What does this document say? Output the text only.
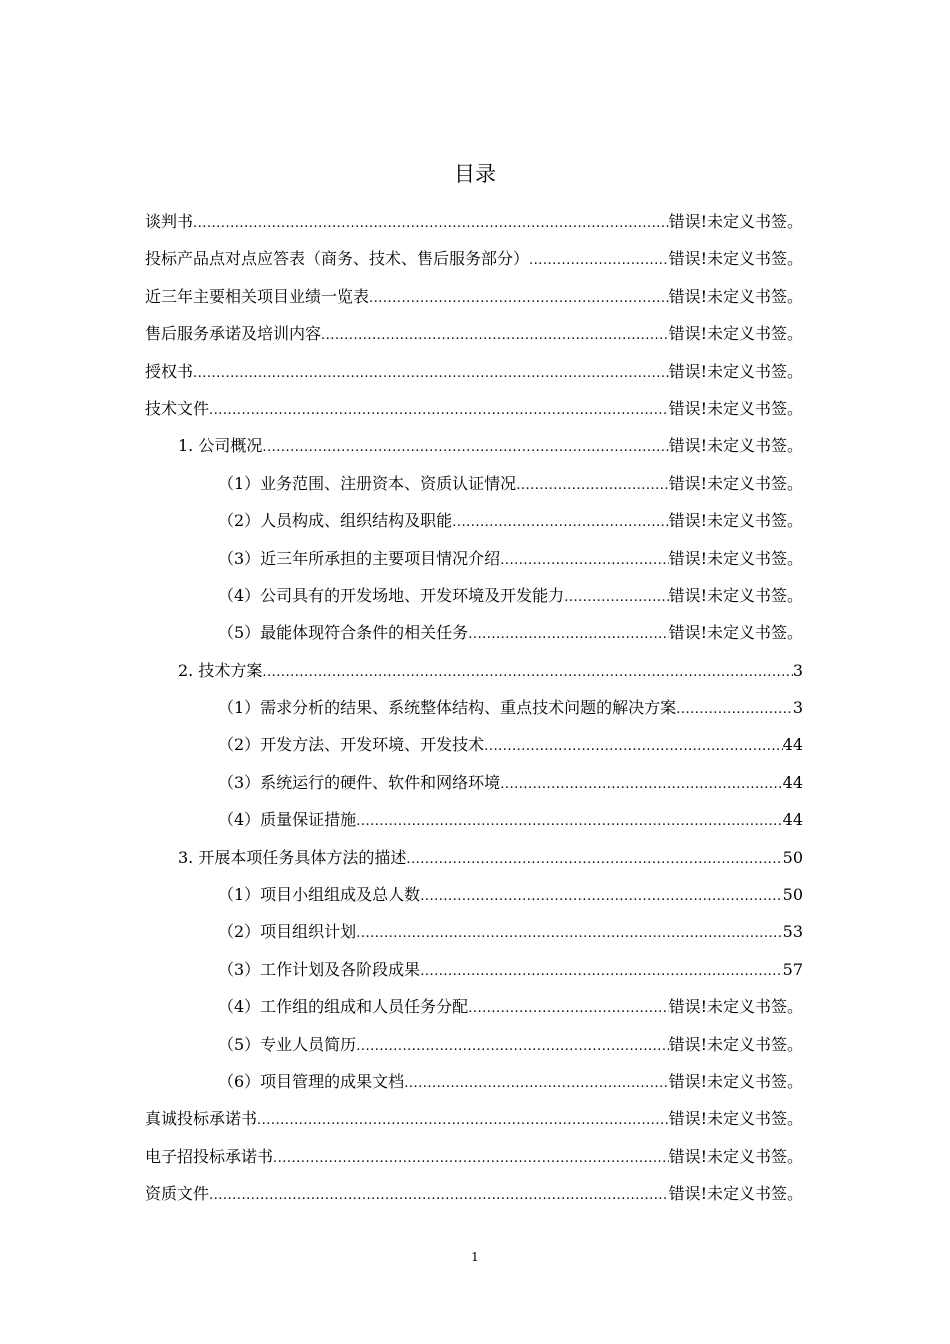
目录
谈判书 .....	错误!未定义书签。
投标产品点对点应答表（商务、技术、售后服务部分） .....	错误!未定义书签。
近三年主要相关项目业绩一览表 .....	错误!未定义书签。
售后服务承诺及培训内容 .....	错误!未定义书签。
授权书 .....	错误!未定义书签。
技术文件 .....	错误!未定义书签。
1. 公司概况 .....	错误!未定义书签。
（1）业务范围、注册资本、资质认证情况 .....	错误!未定义书签。
（2）人员构成、组织结构及职能 .....	错误!未定义书签。
（3）近三年所承担的主要项目情况介绍 .....	错误!未定义书签。
（4）公司具有的开发场地、开发环境及开发能力 .....	错误!未定义书签。
（5）最能体现符合条件的相关任务 .....	错误!未定义书签。
2. 技术方案 .....	3
（1）需求分析的结果、系统整体结构、重点技术问题的解决方案 .....	3
（2）开发方法、开发环境、开发技术 .....	44
（3）系统运行的硬件、软件和网络环境 .....	44
（4）质量保证措施 .....	44
3. 开展本项任务具体方法的描述 .....	50
（1）项目小组组成及总人数 .....	50
（2）项目组织计划 .....	53
（3）工作计划及各阶段成果 .....	57
（4）工作组的组成和人员任务分配 .....	错误!未定义书签。
（5）专业人员简历 .....	错误!未定义书签。
（6）项目管理的成果文档 .....	错误!未定义书签。
真诚投标承诺书 .....	错误!未定义书签。
电子招投标承诺书 .....	错误!未定义书签。
资质文件 .....	错误!未定义书签。
1
